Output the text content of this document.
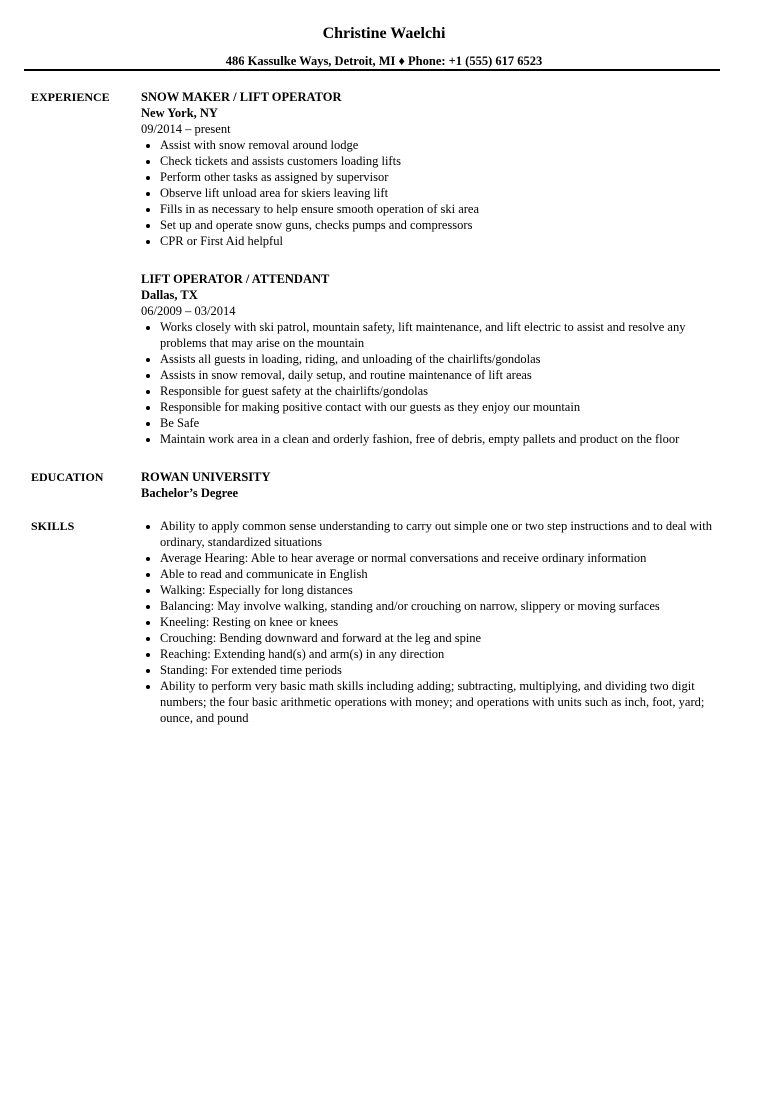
Christine Waelchi
486 Kassulke Ways, Detroit, MI ♦ Phone: +1 (555) 617 6523
EXPERIENCE	SNOW MAKER / LIFT OPERATOR
New York, NY
09/2014 – present
• Assist with snow removal around lodge
• Check tickets and assists customers loading lifts
• Perform other tasks as assigned by supervisor
• Observe lift unload area for skiers leaving lift
• Fills in as necessary to help ensure smooth operation of ski area
• Set up and operate snow guns, checks pumps and compressors
• CPR or First Aid helpful
LIFT OPERATOR / ATTENDANT
Dallas, TX
06/2009 – 03/2014
• Works closely with ski patrol, mountain safety, lift maintenance, and lift electric to assist and resolve any problems that may arise on the mountain
• Assists all guests in loading, riding, and unloading of the chairlifts/gondolas
• Assists in snow removal, daily setup, and routine maintenance of lift areas
• Responsible for guest safety at the chairlifts/gondolas
• Responsible for making positive contact with our guests as they enjoy our mountain
• Be Safe
• Maintain work area in a clean and orderly fashion, free of debris, empty pallets and product on the floor
EDUCATION	ROWAN UNIVERSITY
Bachelor’s Degree
SKILLS
•	Ability to apply common sense understanding to carry out simple one or two step instructions and to deal with ordinary, standardized situations
• Average Hearing: Able to hear average or normal conversations and receive ordinary information
• Able to read and communicate in English
• Walking: Especially for long distances
• Balancing: May involve walking, standing and/or crouching on narrow, slippery or moving surfaces
• Kneeling: Resting on knee or knees
• Crouching: Bending downward and forward at the leg and spine
• Reaching: Extending hand(s) and arm(s) in any direction
• Standing: For extended time periods
• Ability to perform very basic math skills including adding; subtracting, multiplying, and dividing two digit numbers; the four basic arithmetic operations with money; and operations with units such as inch, foot, yard; ounce, and pound
